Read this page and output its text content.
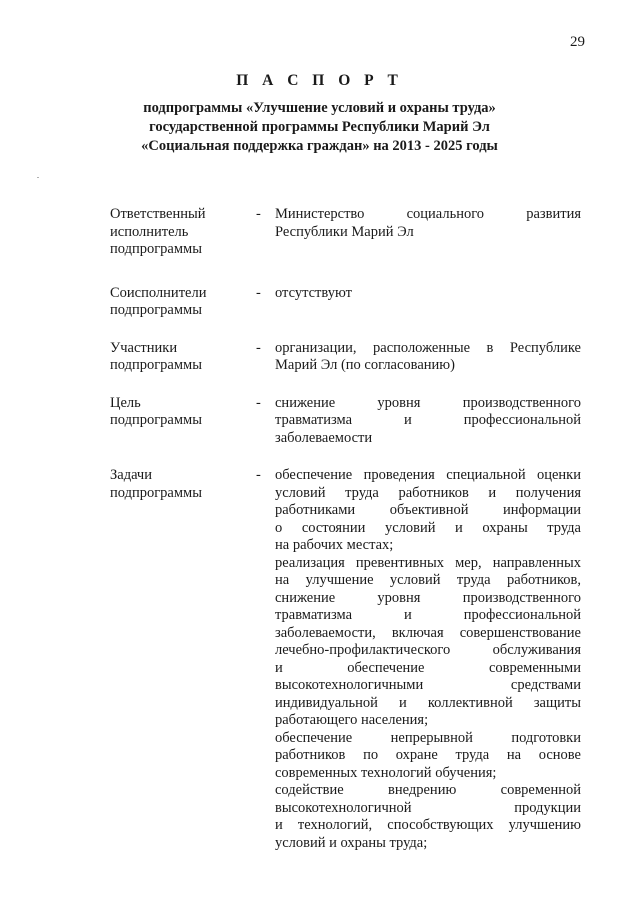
29
П А С П О Р Т
подпрограммы «Улучшение условий и охраны труда»
государственной программы Республики Марий Эл
«Социальная поддержка граждан» на 2013 - 2025 годы
Ответственный
исполнитель
подпрограммы
- Министерство социального развития
Республики Марий Эл
Соисполнители
подпрограммы
- отсутствуют
Участники
подпрограммы
- организации, расположенные в Республике
Марий Эл (по согласованию)
Цель
подпрограммы
- снижение уровня производственного
травматизма и профессиональной
заболеваемости
Задачи
подпрограммы
- обеспечение проведения специальной оценки
условий труда работников и получения
работниками объективной информации
о состоянии условий и охраны труда
на рабочих местах;
реализация превентивных мер, направленных
на улучшение условий труда работников,
снижение уровня производственного
травматизма и профессиональной
заболеваемости, включая совершенствование
лечебно-профилактического обслуживания
и обеспечение современными
высокотехнологичными средствами
индивидуальной и коллективной защиты
работающего населения;
обеспечение непрерывной подготовки
работников по охране труда на основе
современных технологий обучения;
содействие внедрению современной
высокотехнологичной продукции
и технологий, способствующих улучшению
условий и охраны труда;
